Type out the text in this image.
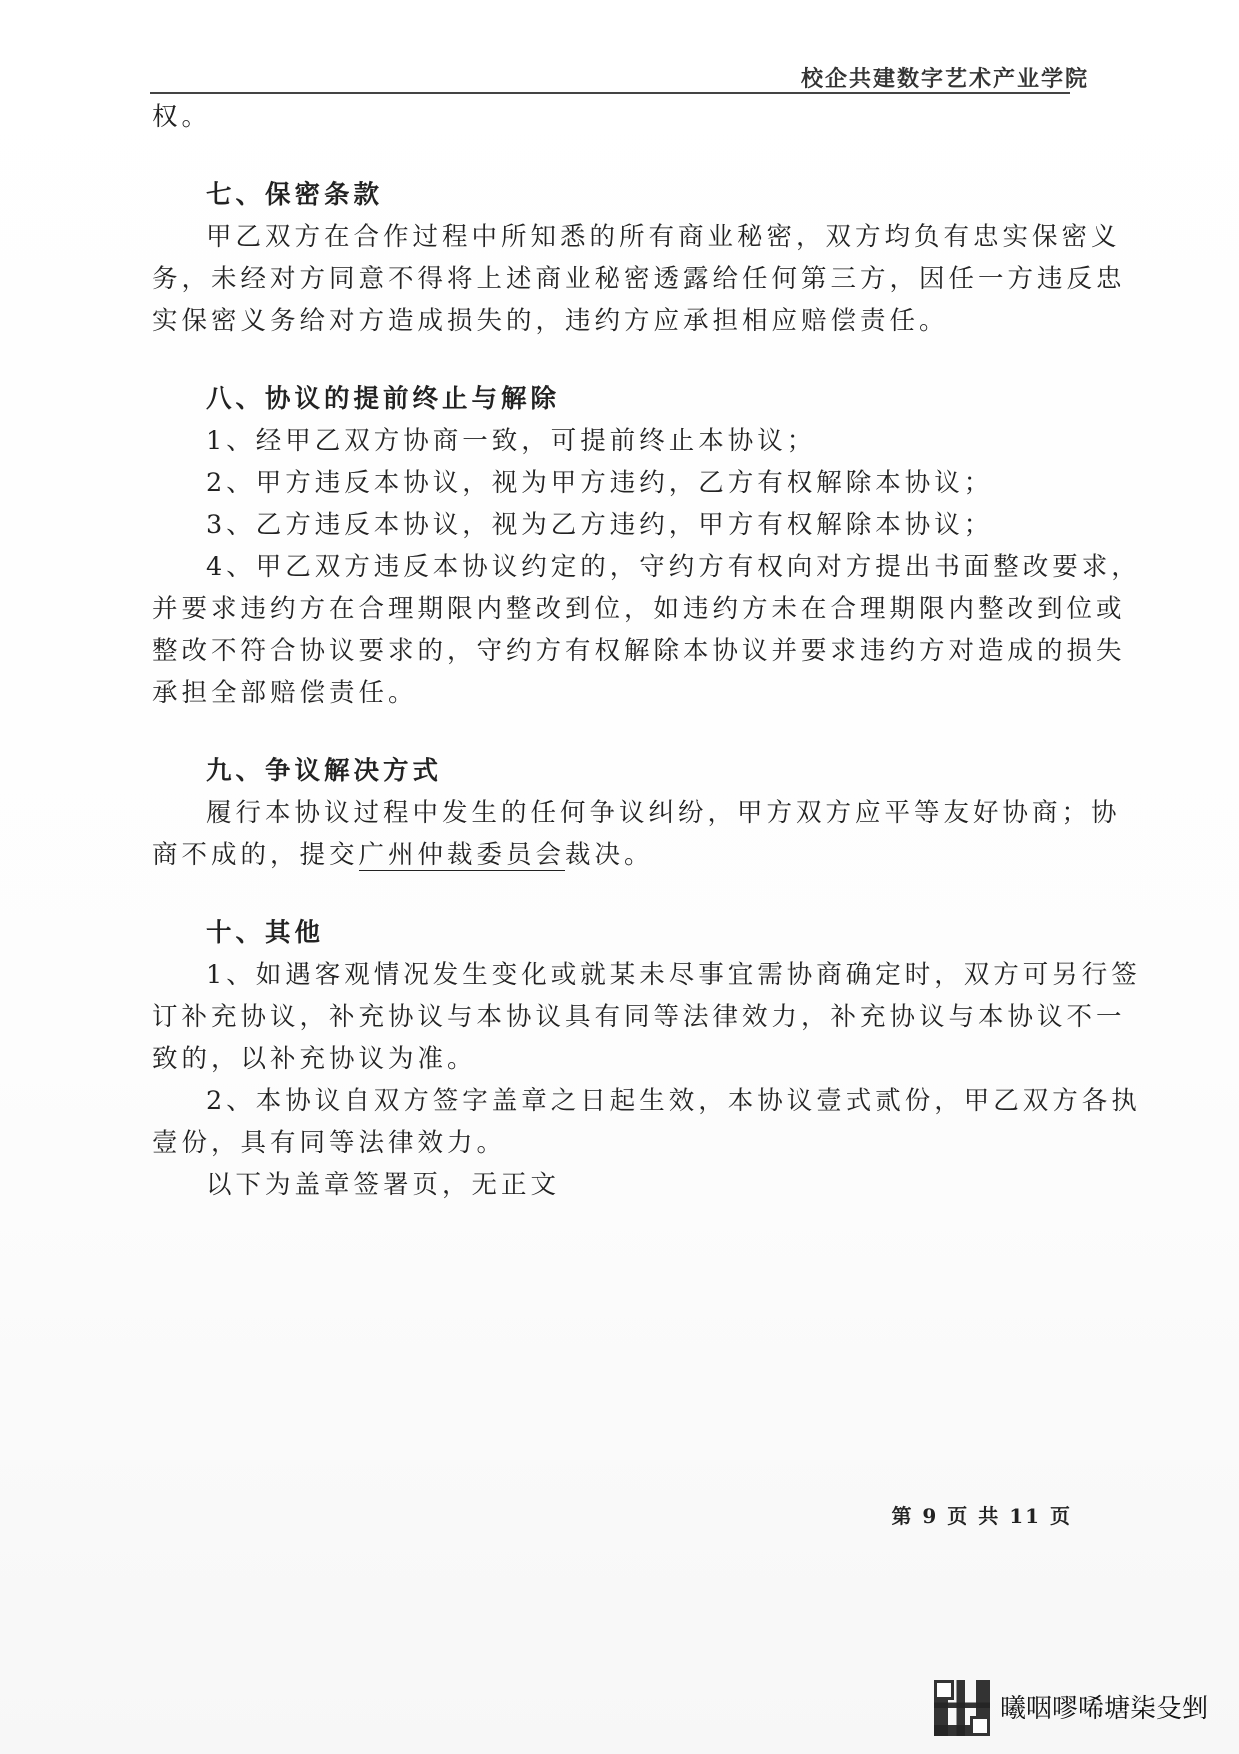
校企共建数字艺术产业学院
权。
七、保密条款
甲乙双方在合作过程中所知悉的所有商业秘密，双方均负有忠实保密义
务，未经对方同意不得将上述商业秘密透露给任何第三方，因任一方违反忠
实保密义务给对方造成损失的，违约方应承担相应赔偿责任。
八、协议的提前终止与解除
1、经甲乙双方协商一致，可提前终止本协议；
2、甲方违反本协议，视为甲方违约，乙方有权解除本协议；
3、乙方违反本协议，视为乙方违约，甲方有权解除本协议；
4、甲乙双方违反本协议约定的，守约方有权向对方提出书面整改要求，
并要求违约方在合理期限内整改到位，如违约方未在合理期限内整改到位或
整改不符合协议要求的，守约方有权解除本协议并要求违约方对造成的损失
承担全部赔偿责任。
九、争议解决方式
履行本协议过程中发生的任何争议纠纷，甲方双方应平等友好协商；协
商不成的，提交广州仲裁委员会裁决。
十、其他
1、如遇客观情况发生变化或就某未尽事宜需协商确定时，双方可另行签
订补充协议，补充协议与本协议具有同等法律效力，补充协议与本协议不一
致的，以补充协议为准。
2、本协议自双方签字盖章之日起生效，本协议壹式贰份，甲乙双方各执
壹份，具有同等法律效力。
以下为盖章签署页，无正文
第 9 页 共 11 页
曦咽嘐唏塘柒殳剉
